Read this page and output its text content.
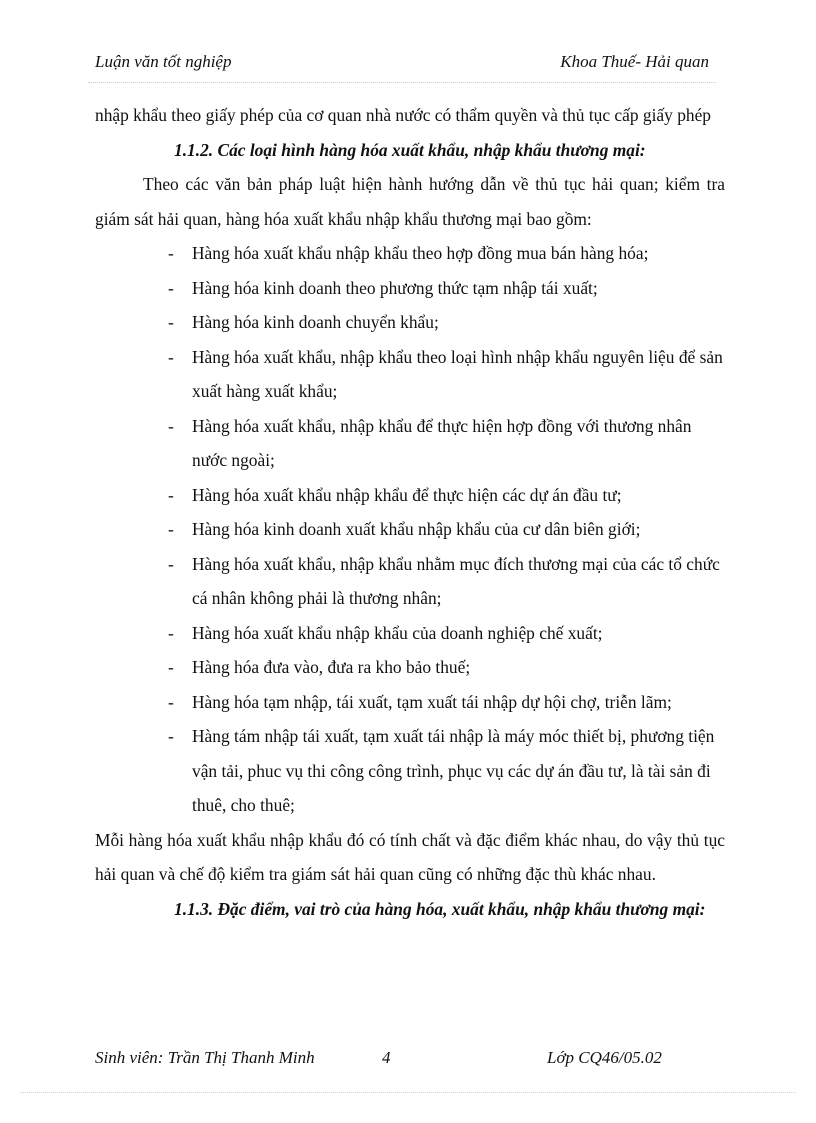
Luận văn tốt nghiệp	Khoa Thuế- Hải quan

nhập khẩu theo giấy phép của cơ quan nhà nước có thẩm quyền và thủ tục cấp giấy phép

1.1.2. Các loại hình hàng hóa xuất khẩu, nhập khẩu thương mại:

Theo các văn bản pháp luật hiện hành hướng dẫn về thủ tục hải quan; kiểm tra giám sát hải quan, hàng hóa xuất khẩu nhập khẩu thương mại bao gồm:

- Hàng hóa xuất khẩu nhập khẩu theo hợp đồng mua bán hàng hóa;
- Hàng hóa kinh doanh theo phương thức tạm nhập tái xuất;
- Hàng hóa kinh doanh chuyển khẩu;
- Hàng hóa xuất khẩu, nhập khẩu theo loại hình nhập khẩu nguyên liệu để sản xuất hàng xuất khẩu;
- Hàng hóa xuất khẩu, nhập khẩu để thực hiện hợp đồng với thương nhân nước ngoài;
- Hàng hóa xuất khẩu nhập khẩu để thực hiện các dự án đầu tư;
- Hàng hóa kinh doanh xuất khẩu nhập khẩu của cư dân biên giới;
- Hàng hóa xuất khẩu, nhập khẩu nhằm mục đích thương mại của các tổ chức cá nhân không phải là thương nhân;
- Hàng hóa xuất khẩu nhập khẩu của doanh nghiệp chế xuất;
- Hàng hóa đưa vào, đưa ra kho bảo thuế;
- Hàng hóa tạm nhập, tái xuất, tạm xuất tái nhập dự hội chợ, triễn lãm;
- Hàng tám nhập tái xuất, tạm xuất tái nhập là máy móc thiết bị, phương tiện vận tải, phuc vụ thi công công trình, phục vụ các dự án đầu tư, là tài sản đi thuê, cho thuê;

Mỗi hàng hóa xuất khẩu nhập khẩu đó có tính chất và đặc điểm khác nhau, do vậy thủ tục hải quan và chế độ kiểm tra giám sát hải quan cũng có những đặc thù khác nhau.

1.1.3. Đặc điểm, vai trò của hàng hóa, xuất khẩu, nhập khẩu thương mại:

Sinh viên: Trần Thị Thanh Minh	4	Lớp CQ46/05.02
